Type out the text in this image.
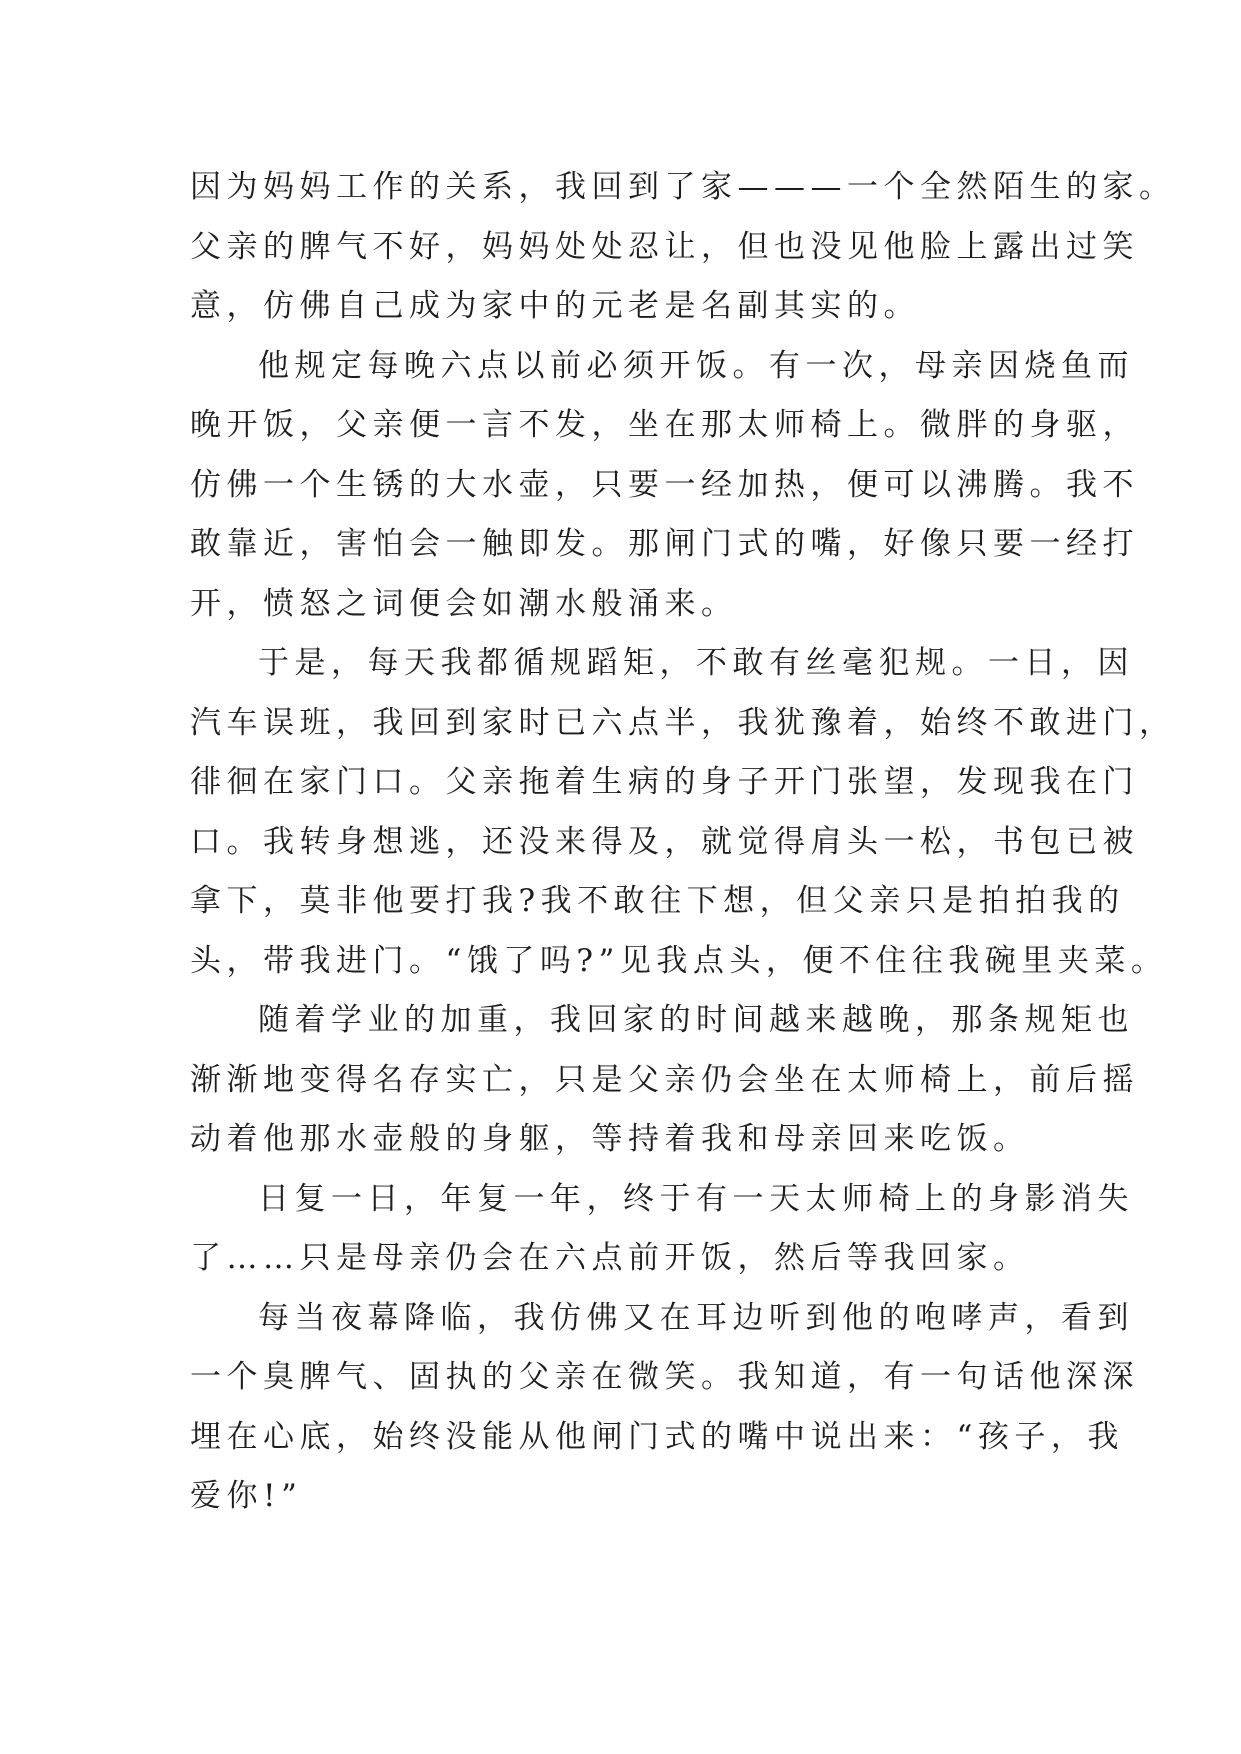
因为妈妈工作的关系，我回到了家———一个全然陌生的家。
父亲的脾气不好，妈妈处处忍让，但也没见他脸上露出过笑
意，仿佛自己成为家中的元老是名副其实的。
他规定每晚六点以前必须开饭。有一次，母亲因烧鱼而
晚开饭，父亲便一言不发，坐在那太师椅上。微胖的身驱，
仿佛一个生锈的大水壶，只要一经加热，便可以沸腾。我不
敢靠近，害怕会一触即发。那闸门式的嘴，好像只要一经打
开，愤怒之词便会如潮水般涌来。
于是，每天我都循规蹈矩，不敢有丝毫犯规。一日，因
汽车误班，我回到家时已六点半，我犹豫着，始终不敢进门，
徘徊在家门口。父亲拖着生病的身子开门张望，发现我在门
口。我转身想逃，还没来得及，就觉得肩头一松，书包已被
拿下，莫非他要打我?我不敢往下想，但父亲只是拍拍我的
头，带我进门。“饿了吗?”见我点头，便不住往我碗里夹菜。
随着学业的加重，我回家的时间越来越晚，那条规矩也
渐渐地变得名存实亡，只是父亲仍会坐在太师椅上，前后摇
动着他那水壶般的身躯，等持着我和母亲回来吃饭。
日复一日，年复一年，终于有一天太师椅上的身影消失
了……只是母亲仍会在六点前开饭，然后等我回家。
每当夜幕降临，我仿佛又在耳边听到他的咆哮声，看到
一个臭脾气、固执的父亲在微笑。我知道，有一句话他深深
埋在心底，始终没能从他闸门式的嘴中说出来：“孩子，我
爱你!”
